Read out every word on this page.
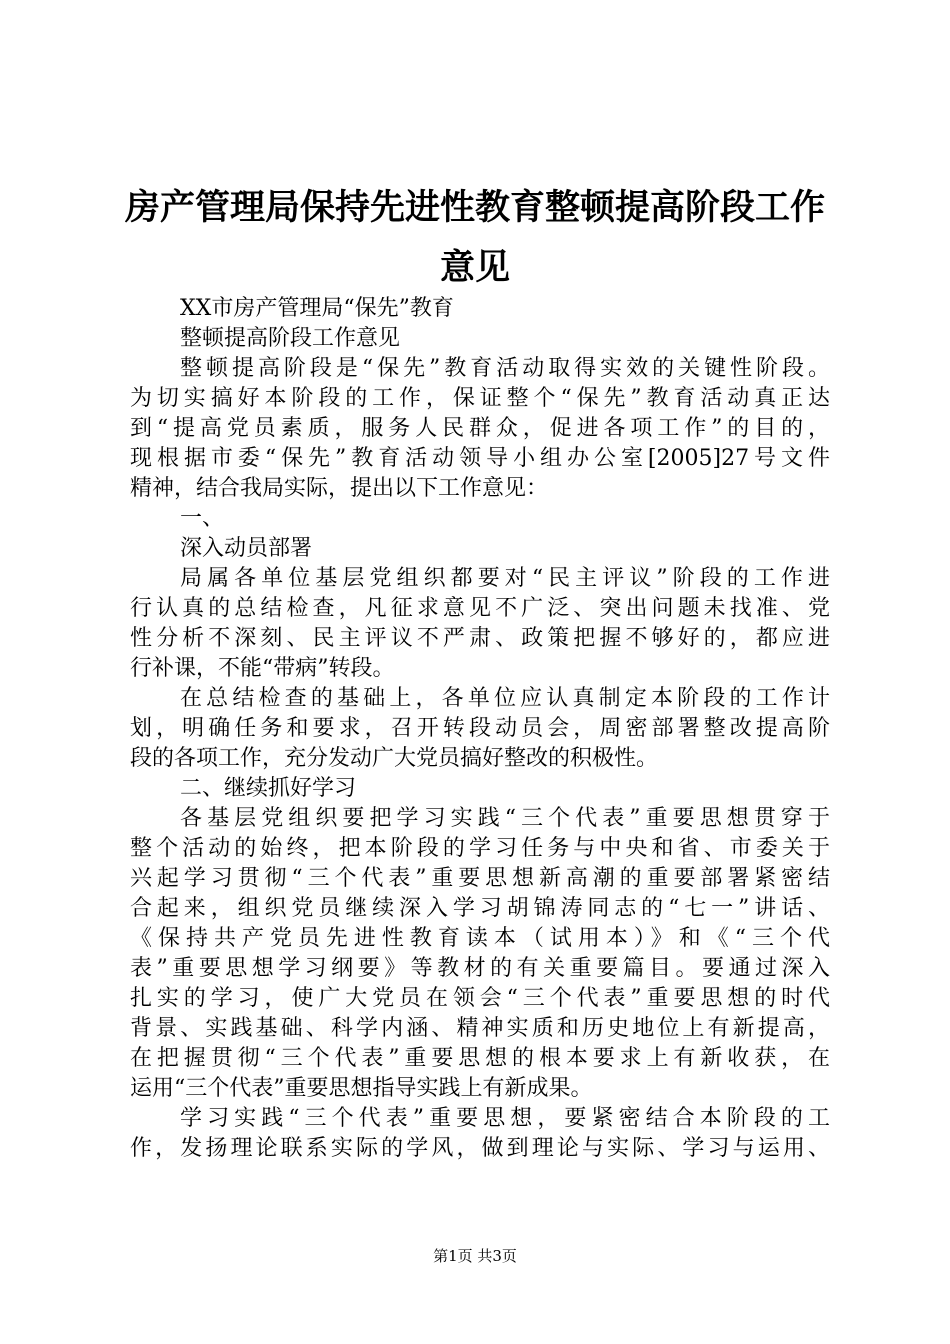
房产管理局保持先进性教育整顿提高阶段工作
意见
XX市房产管理局“保先”教育
整顿提高阶段工作意见
整顿提高阶段是“保先”教育活动取得实效的关键性阶段。
为切实搞好本阶段的工作，保证整个“保先”教育活动真正达
到“提高党员素质，服务人民群众，促进各项工作”的目的，
现根据市委“保先”教育活动领导小组办公室[2005]27号文件
精神，结合我局实际，提出以下工作意见：
一、
深入动员部署
局属各单位基层党组织都要对“民主评议”阶段的工作进
行认真的总结检查，凡征求意见不广泛、突出问题未找准、党
性分析不深刻、民主评议不严肃、政策把握不够好的，都应进
行补课，不能“带病”转段。
在总结检查的基础上，各单位应认真制定本阶段的工作计
划，明确任务和要求，召开转段动员会，周密部署整改提高阶
段的各项工作，充分发动广大党员搞好整改的积极性。
二、继续抓好学习
各基层党组织要把学习实践“三个代表”重要思想贯穿于
整个活动的始终，把本阶段的学习任务与中央和省、市委关于
兴起学习贯彻“三个代表”重要思想新高潮的重要部署紧密结
合起来，组织党员继续深入学习胡锦涛同志的“七一”讲话、
《保持共产党员先进性教育读本（试用本）》和《“三个代
表”重要思想学习纲要》等教材的有关重要篇目。要通过深入
扎实的学习，使广大党员在领会“三个代表”重要思想的时代
背景、实践基础、科学内涵、精神实质和历史地位上有新提高，
在把握贯彻“三个代表”重要思想的根本要求上有新收获，在
运用“三个代表”重要思想指导实践上有新成果。
学习实践“三个代表”重要思想，要紧密结合本阶段的工
作，发扬理论联系实际的学风，做到理论与实际、学习与运用、
第1页 共3页
